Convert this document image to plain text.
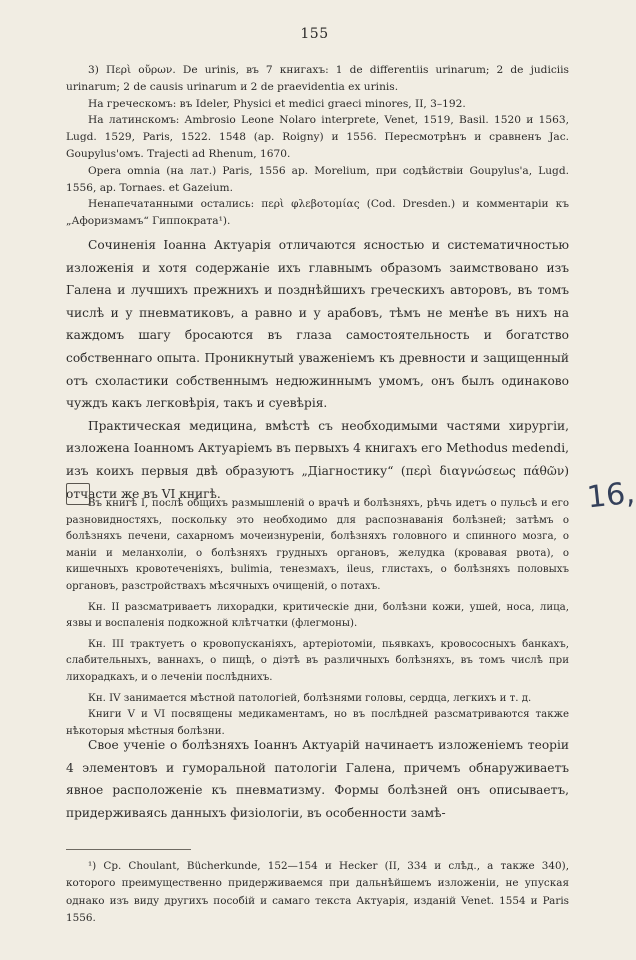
155

3) Περὶ οὔρων. De urinis, въ 7 книгахъ: 1 de differentiis urinarum; 2 de judiciis urinarum; 2 de causis urinarum и 2 de praevidentia ex urinis.

На греческомъ: въ Ideler, Physici et medici graeci minores, II, 3–192.

На латинскомъ: Ambrosio Leone Nolaro interprete, Venet, 1519, Basil. 1520 и 1563, Lugd. 1529, Paris, 1522. 1548 (ap. Roigny) и 1556. Пересмотрѣнъ и сравненъ Jac. Goupylus'омъ. Trajecti ad Rhenum, 1670.

Opera omnia (на лат.) Paris, 1556 ap. Morelium, при содѣйствіи Goupylus'a, Lugd. 1556, ap. Tornaes. et Gazeium.

Ненапечатанными остались: περὶ φλεβοτομίας (Cod. Dresden.) и комментаріи къ „Афоризмамъ“ Гиппократа¹).

Сочиненія Іоанна Актуарія отличаются ясностью и систематичностью изложенія и хотя содержаніе ихъ главнымъ образомъ заимствовано изъ Галена и лучшихъ прежнихъ и позднѣйшихъ греческихъ авторовъ, въ томъ числѣ и у пневматиковъ, а равно и у арабовъ, тѣмъ не менѣе въ нихъ на каждомъ шагу бросаются въ глаза самостоятельность и богатство собственнаго опыта. Проникнутый уваженіемъ къ древности и защищенный отъ схоластики собственнымъ недюжиннымъ умомъ, онъ былъ одинаково чуждъ какъ легковѣрія, такъ и суевѣрія.

Практическая медицина, вмѣстѣ съ необходимыми частями хирургіи, изложена Іоанномъ Актуаріемъ въ первыхъ 4 книгахъ его Methodus medendi, изъ коихъ первыя двѣ образуютъ „Діагностику“ (περὶ διαγνώσεως πάθῶν) отчасти же въ VI книгѣ.

Въ книгѣ I, послѣ общихъ размышленій о врачѣ и болѣзняхъ, рѣчь идетъ о пульсѣ и его разновидностяхъ, поскольку это необходимо для распознаванія болѣзней; затѣмъ о болѣзняхъ печени, сахарномъ мочеизнуреніи, болѣзняхъ головного и спинного мозга, о маніи и меланхоліи, о болѣзняхъ грудныхъ органовъ, желудка (кровавая рвота), о кишечныхъ кровотеченіяхъ, bulimia, тенезмахъ, ileus, глистахъ, о болѣзняхъ половыхъ органовъ, разстройствахъ мѣсячныхъ очищеній, о потахъ.

Кн. II разсматриваетъ лихорадки, критическіе дни, болѣзни кожи, ушей, носа, лица, язвы и воспаленія подкожной клѣтчатки (флегмоны).

Кн. III трактуетъ о кровопусканіяхъ, артеріотоміи, пьявкахъ, кровососныхъ банкахъ, слабительныхъ, ваннахъ, о пищѣ, о діэтѣ въ различныхъ болѣзняхъ, въ томъ числѣ при лихорадкахъ, и о леченіи послѣднихъ.

Кн. IV занимается мѣстной патологіей, болѣзнями головы, сердца, легкихъ и т. д.

Книги V и VI посвящены медикаментамъ, но въ послѣдней разсматриваются также нѣкоторыя мѣстныя болѣзни.

Свое ученіе о болѣзняхъ Іоаннъ Актуарій начинаетъ изложеніемъ теоріи 4 элементовъ и гуморальной патологіи Галена, причемъ обнаруживаетъ явное расположеніе къ пневматизму. Формы болѣзней онъ описываетъ, придерживаясь данныхъ физіологіи, въ особенности замѣ-

¹) Ср. Choulant, Bücherkunde, 152—154 и Hecker (II, 334 и слѣд., а также 340), которого преимущественно придерживаемся при дальнѣйшемъ изложеніи, не упуская однако изъ виду другихъ пособій и самаго текста Актуарія, изданій Venet. 1554 и Paris 1556.

16,
